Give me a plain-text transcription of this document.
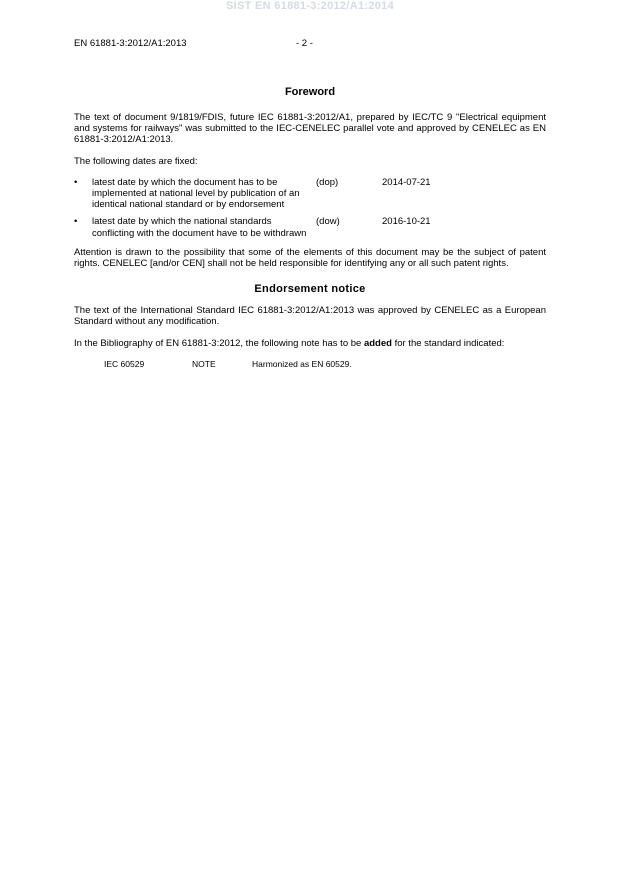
SIST EN 61881-3:2012/A1:2014
EN 61881-3:2012/A1:2013	- 2 -
Foreword

The text of document 9/1819/FDIS, future IEC 61881-3:2012/A1, prepared by IEC/TC 9 "Electrical equipment and systems for railways" was submitted to the IEC-CENELEC parallel vote and approved by CENELEC as EN 61881-3:2012/A1:2013.

The following dates are fixed:

•	latest date by which the document has to be implemented at national level by publication of an identical national standard or by endorsement
(dop)	2014-07-21
•	latest date by which the national standards conflicting with the document have to be withdrawn
(dow)	2016-10-21

Attention is drawn to the possibility that some of the elements of this document may be the subject of patent rights. CENELEC [and/or CEN] shall not be held responsible for identifying any or all such patent rights.

Endorsement notice

The text of the International Standard IEC 61881-3:2012/A1:2013 was approved by CENELEC as a European Standard without any modification.

In the Bibliography of EN 61881-3:2012, the following note has to be added for the standard indicated:

IEC 60529	NOTE	Harmonized as EN 60529.
